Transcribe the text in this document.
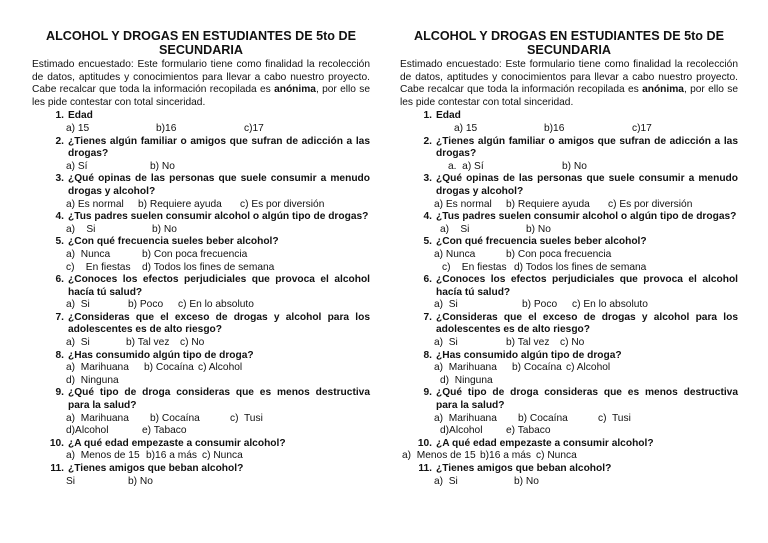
ALCOHOL Y DROGAS EN ESTUDIANTES DE 5to DE SECUNDARIA
Estimado encuestado: Este formulario tiene como finalidad la recolección de datos, aptitudes y conocimientos para llevar a cabo nuestro proyecto. Cabe recalcar que toda la información recopilada es anónima, por ello se les pide contestar con total sinceridad.
1. Edad
a) 15	b)16	c)17
2. ¿Tienes algún familiar o amigos que sufran de adicción a las drogas?
a) Sí	b) No
3. ¿Qué opinas de las personas que suele consumir a menudo drogas y alcohol?
a) Es normal	b) Requiere ayuda	c) Es por diversión
4. ¿Tus padres suelen consumir alcohol o algún tipo de drogas?
a)    Si	b) No
5. ¿Con qué frecuencia sueles beber alcohol?
a)  Nunca	b) Con poca frecuencia
c)    En fiestas	d) Todos los fines de semana
6. ¿Conoces los efectos perjudiciales que provoca el alcohol hacía tú salud?
a)  Si	b) Poco	c) En lo absoluto
7. ¿Consideras que el exceso de drogas y alcohol para los adolescentes es de alto riesgo?
a)  Si	b) Tal vez	c) No
8. ¿Has consumido algún tipo de droga?
a)  Marihuana	b) Cocaína c) Alcohol
d)  Ninguna
9. ¿Qué tipo de droga consideras que es menos destructiva para la salud?
a)  Marihuana	b) Cocaína	c)  Tusi
d)Alcohol	e) Tabaco
10. ¿A qué edad empezaste a consumir alcohol?
a)  Menos de 15 b)16 a más c) Nunca
11. ¿Tienes amigos que beban alcohol?
Si	b) No
ALCOHOL Y DROGAS EN ESTUDIANTES DE 5to DE SECUNDARIA
Estimado encuestado: Este formulario tiene como finalidad la recolección de datos, aptitudes y conocimientos para llevar a cabo nuestro proyecto. Cabe recalcar que toda la información recopilada es anónima, por ello se les pide contestar con total sinceridad.
1. Edad
a) 15	b)16	c)17
2. ¿Tienes algún familiar o amigos que sufran de adicción a las drogas?
a.  a) Sí	b) No
3. ¿Qué opinas de las personas que suele consumir a menudo drogas y alcohol?
a) Es normal	b) Requiere ayuda	c) Es por diversión
4. ¿Tus padres suelen consumir alcohol o algún tipo de drogas?
a)    Si	b) No
5. ¿Con qué frecuencia sueles beber alcohol?
a) Nunca	b) Con poca frecuencia
c)    En fiestas d) Todos los fines de semana
6. ¿Conoces los efectos perjudiciales que provoca el alcohol hacía tú salud?
a)  Si	b) Poco	c) En lo absoluto
7. ¿Consideras que el exceso de drogas y alcohol para los adolescentes es de alto riesgo?
a)  Si	b) Tal vez	c) No
8. ¿Has consumido algún tipo de droga?
a)  Marihuana	b) Cocaína c) Alcohol
d)  Ninguna
9. ¿Qué tipo de droga consideras que es menos destructiva para la salud?
a)  Marihuana	b) Cocaína	c)  Tusi
d)Alcohol	e) Tabaco
10. ¿A qué edad empezaste a consumir alcohol?
a)  Menos de 15 b)16 a más c) Nunca
11. ¿Tienes amigos que beban alcohol?
a)  Si	b) No
